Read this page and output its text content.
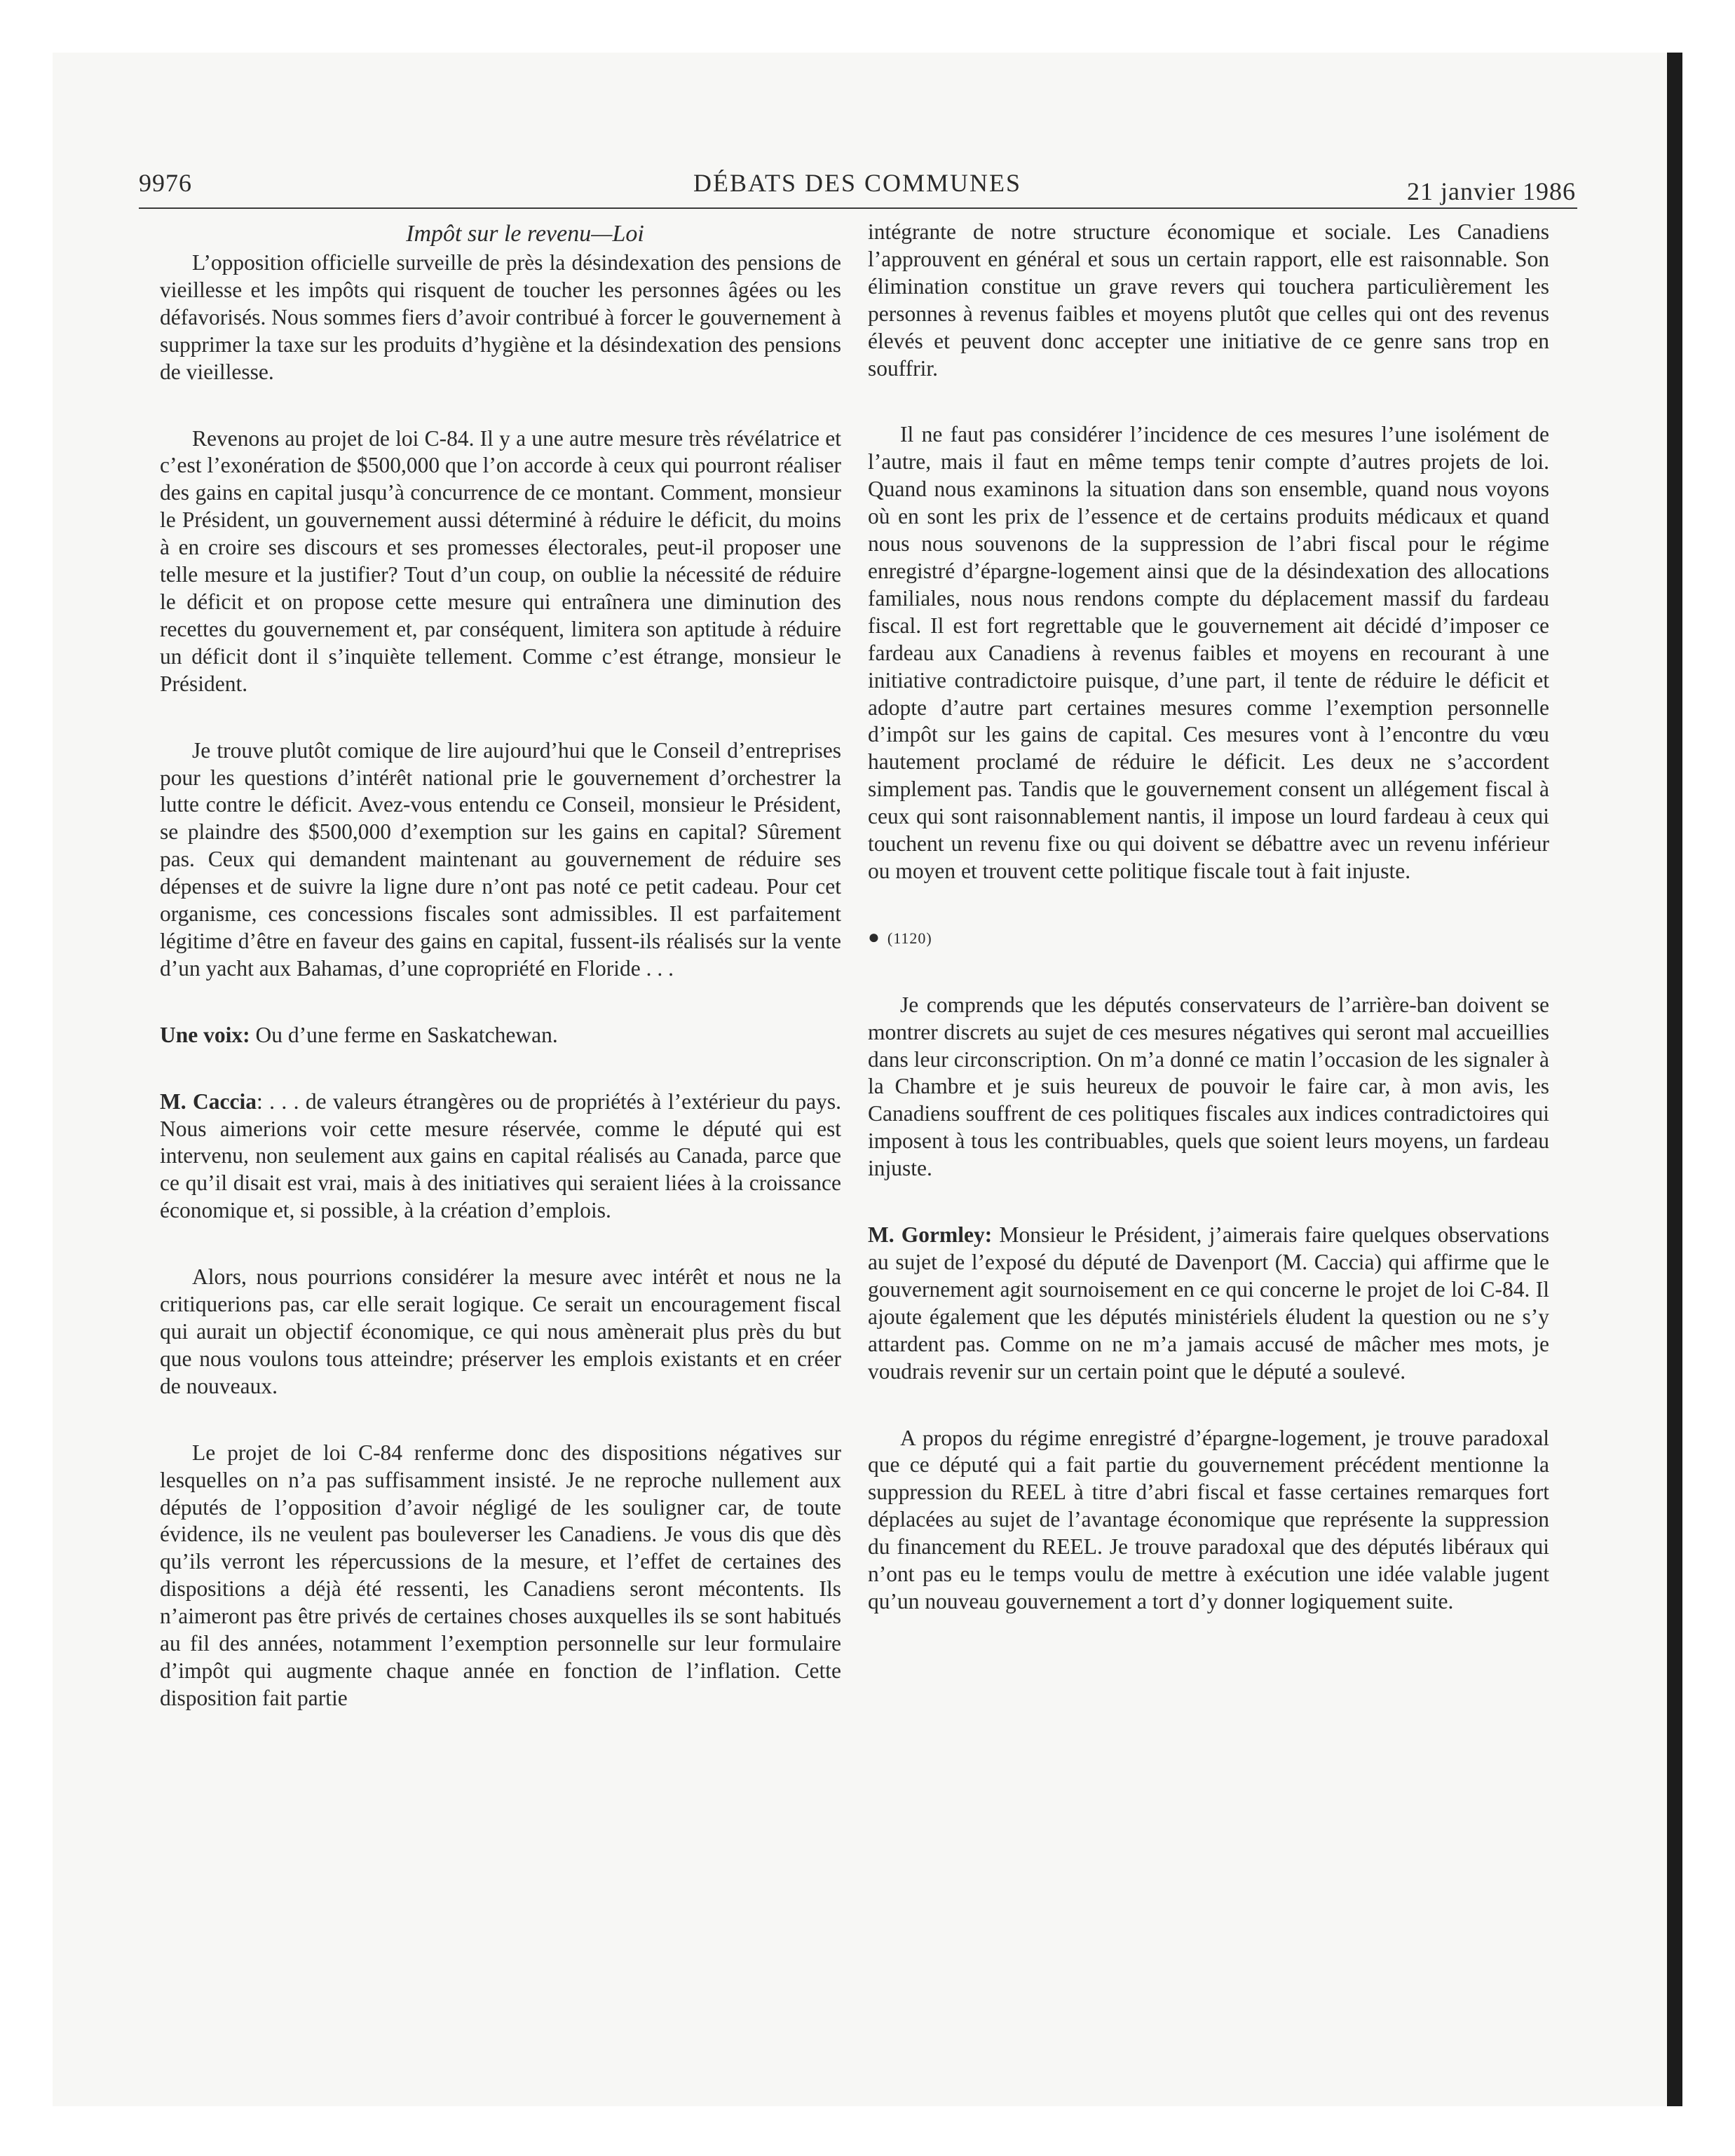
9976	DÉBATS DES COMMUNES	21 janvier 1986
Impôt sur le revenu—Loi

L’opposition officielle surveille de près la désindexation des pensions de vieillesse et les impôts qui risquent de toucher les personnes âgées ou les défavorisés. Nous sommes fiers d’avoir contribué à forcer le gouvernement à supprimer la taxe sur les produits d’hygiène et la désindexation des pensions de vieillesse.

Revenons au projet de loi C-84. Il y a une autre mesure très révélatrice et c’est l’exonération de $500,000 que l’on accorde à ceux qui pourront réaliser des gains en capital jusqu’à concurrence de ce montant. Comment, monsieur le Président, un gouvernement aussi déterminé à réduire le déficit, du moins à en croire ses discours et ses promesses électorales, peut-il proposer une telle mesure et la justifier? Tout d’un coup, on oublie la nécessité de réduire le déficit et on propose cette mesure qui entraînera une diminution des recettes du gouvernement et, par conséquent, limitera son aptitude à réduire un déficit dont il s’inquiète tellement. Comme c’est étrange, monsieur le Président.

Je trouve plutôt comique de lire aujourd’hui que le Conseil d’entreprises pour les questions d’intérêt national prie le gouvernement d’orchestrer la lutte contre le déficit. Avez-vous entendu ce Conseil, monsieur le Président, se plaindre des $500,000 d’exemption sur les gains en capital? Sûrement pas. Ceux qui demandent maintenant au gouvernement de réduire ses dépenses et de suivre la ligne dure n’ont pas noté ce petit cadeau. Pour cet organisme, ces concessions fiscales sont admissibles. Il est parfaitement légitime d’être en faveur des gains en capital, fussent-ils réalisés sur la vente d’un yacht aux Bahamas, d’une copropriété en Floride . . .

Une voix: Ou d’une ferme en Saskatchewan.

M. Caccia: . . . de valeurs étrangères ou de propriétés à l’extérieur du pays. Nous aimerions voir cette mesure réservée, comme le député qui est intervenu, non seulement aux gains en capital réalisés au Canada, parce que ce qu’il disait est vrai, mais à des initiatives qui seraient liées à la croissance économique et, si possible, à la création d’emplois.

Alors, nous pourrions considérer la mesure avec intérêt et nous ne la critiquerions pas, car elle serait logique. Ce serait un encouragement fiscal qui aurait un objectif économique, ce qui nous amènerait plus près du but que nous voulons tous atteindre; préserver les emplois existants et en créer de nouveaux.

Le projet de loi C-84 renferme donc des dispositions négatives sur lesquelles on n’a pas suffisamment insisté. Je ne reproche nullement aux députés de l’opposition d’avoir négligé de les souligner car, de toute évidence, ils ne veulent pas bouleverser les Canadiens. Je vous dis que dès qu’ils verront les répercussions de la mesure, et l’effet de certaines des dispositions a déjà été ressenti, les Canadiens seront mécontents. Ils n’aimeront pas être privés de certaines choses auxquelles ils se sont habitués au fil des années, notamment l’exemption personnelle sur leur formulaire d’impôt qui augmente chaque année en fonction de l’inflation. Cette disposition fait partie

intégrante de notre structure économique et sociale. Les Canadiens l’approuvent en général et sous un certain rapport, elle est raisonnable. Son élimination constitue un grave revers qui touchera particulièrement les personnes à revenus faibles et moyens plutôt que celles qui ont des revenus élevés et peuvent donc accepter une initiative de ce genre sans trop en souffrir.

Il ne faut pas considérer l’incidence de ces mesures l’une isolément de l’autre, mais il faut en même temps tenir compte d’autres projets de loi. Quand nous examinons la situation dans son ensemble, quand nous voyons où en sont les prix de l’essence et de certains produits médicaux et quand nous nous souvenons de la suppression de l’abri fiscal pour le régime enregistré d’épargne-logement ainsi que de la désindexation des allocations familiales, nous nous rendons compte du déplacement massif du fardeau fiscal. Il est fort regrettable que le gouvernement ait décidé d’imposer ce fardeau aux Canadiens à revenus faibles et moyens en recourant à une initiative contradictoire puisque, d’une part, il tente de réduire le déficit et adopte d’autre part certaines mesures comme l’exemption personnelle d’impôt sur les gains de capital. Ces mesures vont à l’encontre du vœu hautement proclamé de réduire le déficit. Les deux ne s’accordent simplement pas. Tandis que le gouvernement consent un allégement fiscal à ceux qui sont raisonnablement nantis, il impose un lourd fardeau à ceux qui touchent un revenu fixe ou qui doivent se débattre avec un revenu inférieur ou moyen et trouvent cette politique fiscale tout à fait injuste.

● (1120)

Je comprends que les députés conservateurs de l’arrière-ban doivent se montrer discrets au sujet de ces mesures négatives qui seront mal accueillies dans leur circonscription. On m’a donné ce matin l’occasion de les signaler à la Chambre et je suis heureux de pouvoir le faire car, à mon avis, les Canadiens souffrent de ces politiques fiscales aux indices contradictoires qui imposent à tous les contribuables, quels que soient leurs moyens, un fardeau injuste.

M. Gormley: Monsieur le Président, j’aimerais faire quelques observations au sujet de l’exposé du député de Davenport (M. Caccia) qui affirme que le gouvernement agit sournoisement en ce qui concerne le projet de loi C-84. Il ajoute également que les députés ministériels éludent la question ou ne s’y attardent pas. Comme on ne m’a jamais accusé de mâcher mes mots, je voudrais revenir sur un certain point que le député a soulevé.

A propos du régime enregistré d’épargne-logement, je trouve paradoxal que ce député qui a fait partie du gouvernement précédent mentionne la suppression du REEL à titre d’abri fiscal et fasse certaines remarques fort déplacées au sujet de l’avantage économique que représente la suppression du financement du REEL. Je trouve paradoxal que des députés libéraux qui n’ont pas eu le temps voulu de mettre à exécution une idée valable jugent qu’un nouveau gouvernement a tort d’y donner logiquement suite.
